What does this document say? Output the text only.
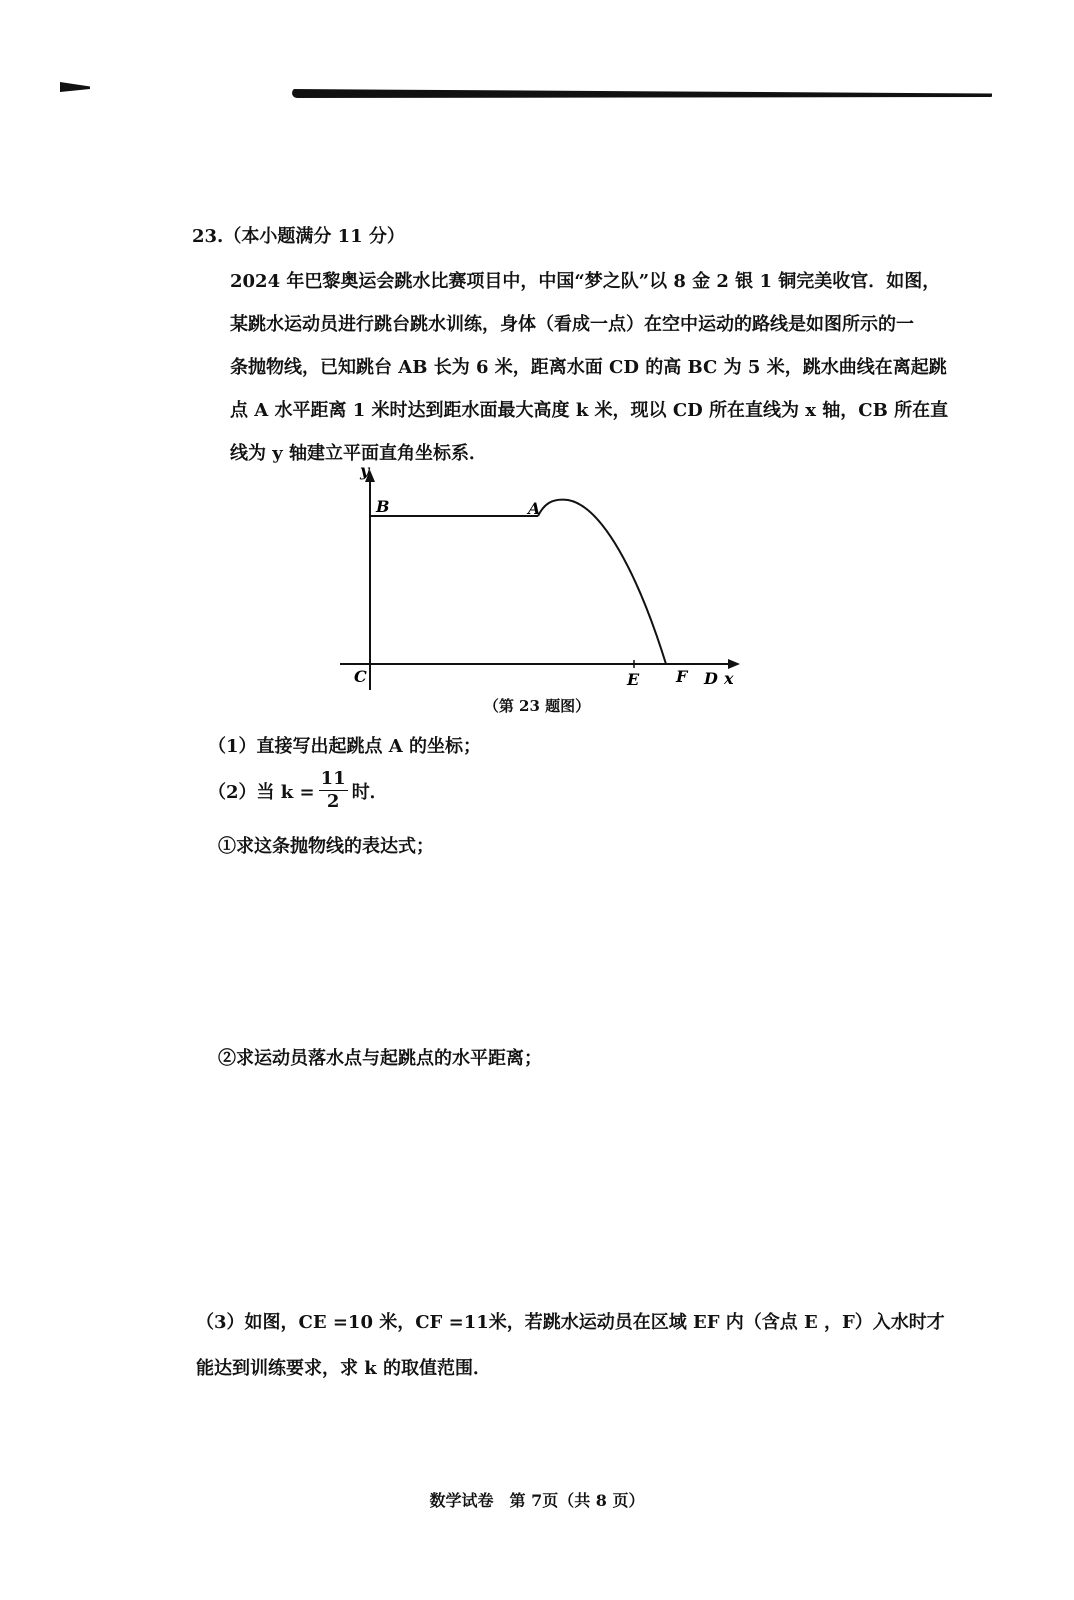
23.（本小题满分 11 分）

2024 年巴黎奥运会跳水比赛项目中，中国“梦之队”以 8 金 2 银 1 铜完美收官．如图，

某跳水运动员进行跳台跳水训练，身体（看成一点）在空中运动的路线是如图所示的一

条抛物线，已知跳台 AB 长为 6 米，距离水面 CD 的高 BC 为 5 米，跳水曲线在离起跳

点 A 水平距离 1 米时达到距水面最大高度 k 米，现以 CD 所在直线为 x 轴，CB 所在直

线为 y 轴建立平面直角坐标系．

y
B	A
C	E F D x
（第 23 题图）
（1）直接写出起跳点 A 的坐标；
（2）当 $k = \frac{11}{2}$ 时．
①求这条抛物线的表达式；
②求运动员落水点与起跳点的水平距离；

（3）如图，CE =10 米，CF =11米，若跳水运动员在区域 EF 内（含点 E ，F）入水时才

能达到训练要求，求 k 的取值范围．

数学试卷　第 7页（共 8 页）
